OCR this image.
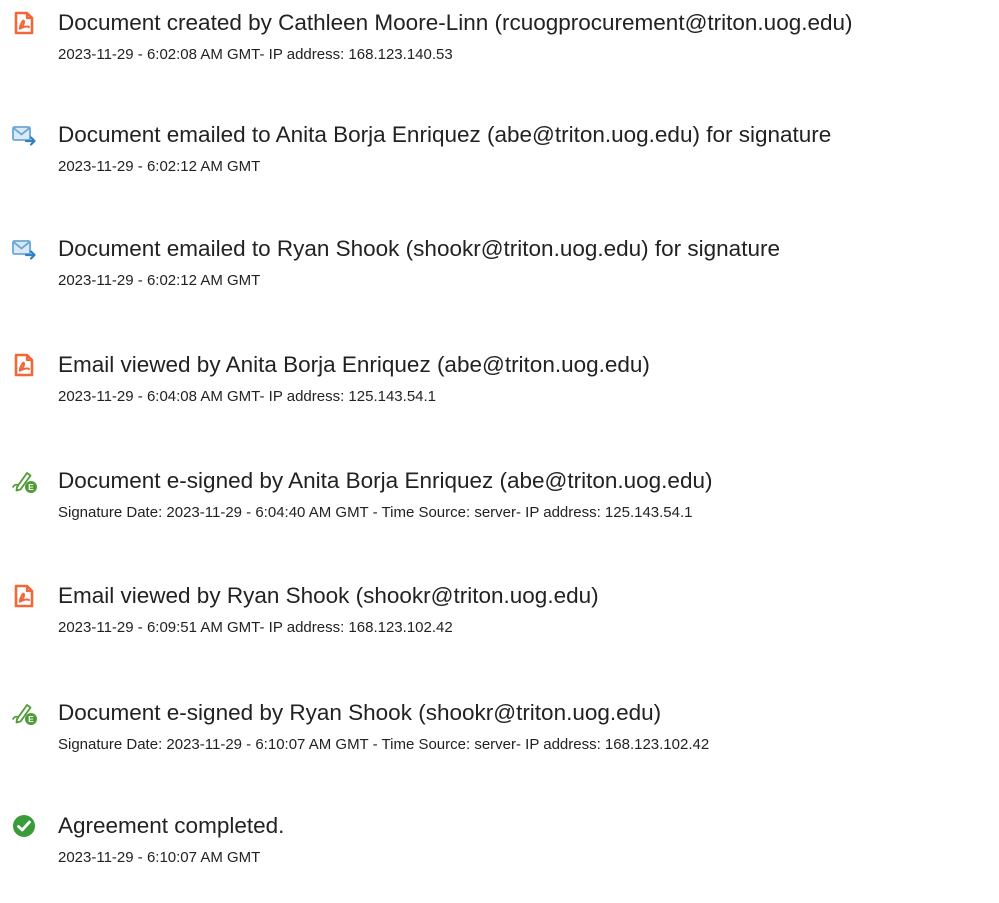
Document created by Cathleen Moore-Linn (rcuogprocurement@triton.uog.edu)
2023-11-29 - 6:02:08 AM GMT- IP address: 168.123.140.53
Document emailed to Anita Borja Enriquez (abe@triton.uog.edu) for signature
2023-11-29 - 6:02:12 AM GMT
Document emailed to Ryan Shook (shookr@triton.uog.edu) for signature
2023-11-29 - 6:02:12 AM GMT
Email viewed by Anita Borja Enriquez (abe@triton.uog.edu)
2023-11-29 - 6:04:08 AM GMT- IP address: 125.143.54.1
E Document e-signed by Anita Borja Enriquez (abe@triton.uog.edu)
Signature Date: 2023-11-29 - 6:04:40 AM GMT - Time Source: server- IP address: 125.143.54.1
Email viewed by Ryan Shook (shookr@triton.uog.edu)
2023-11-29 - 6:09:51 AM GMT- IP address: 168.123.102.42
E Document e-signed by Ryan Shook (shookr@triton.uog.edu)
Signature Date: 2023-11-29 - 6:10:07 AM GMT - Time Source: server- IP address: 168.123.102.42
Agreement completed.
2023-11-29 - 6:10:07 AM GMT
